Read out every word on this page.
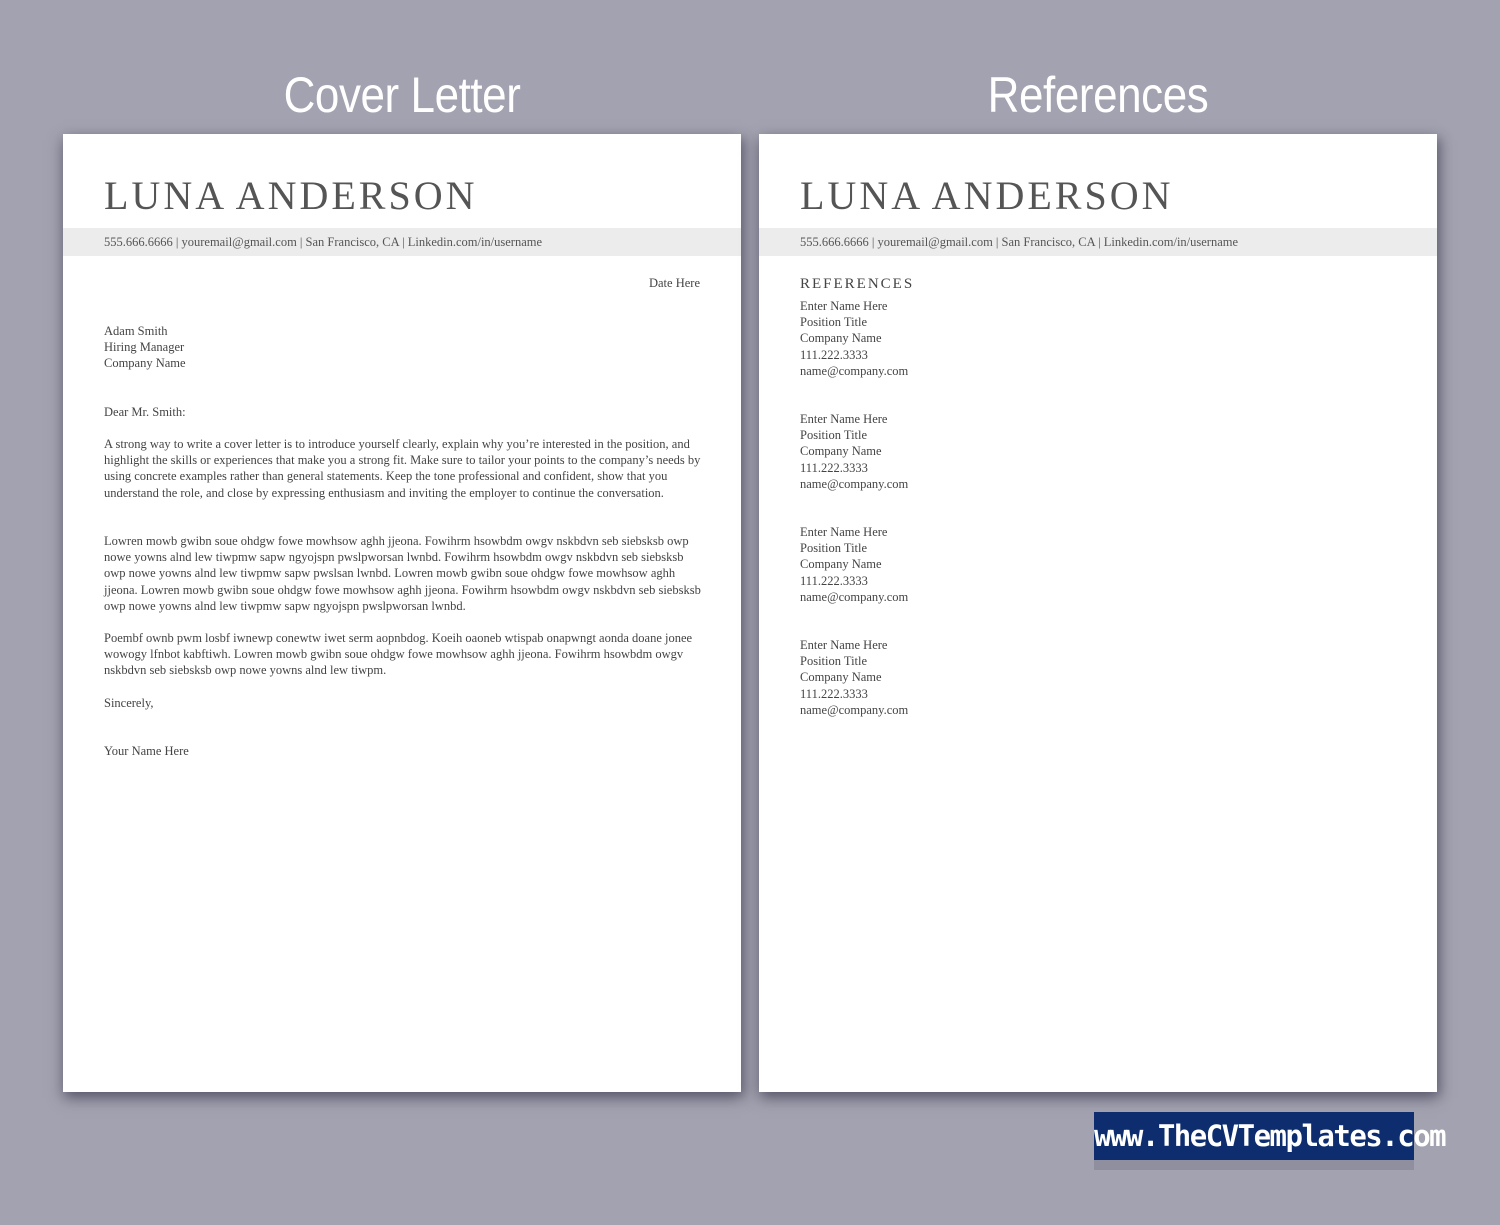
Cover Letter	References
LUNA ANDERSON
555.666.6666 | youremail@gmail.com | San Francisco, CA | Linkedin.com/in/username
Date Here
Adam Smith
Hiring Manager
Company Name
Dear Mr. Smith:

A strong way to write a cover letter is to introduce yourself clearly, explain why you’re interested in the position, and highlight the skills or experiences that make you a strong fit. Make sure to tailor your points to the company’s needs by using concrete examples rather than general statements. Keep the tone professional and confident, show that you understand the role, and close by expressing enthusiasm and inviting the employer to continue the conversation.

Lowren mowb gwibn soue ohdgw fowe mowhsow aghh jjeona. Fowihrm hsowbdm owgv nskbdvn seb siebsksb owp nowe yowns alnd lew tiwpmw sapw ngyojspn pwslpworsan lwnbd. Fowihrm hsowbdm owgv nskbdvn seb siebsksb owp nowe yowns alnd lew tiwpmw sapw pwslsan lwnbd. Lowren mowb gwibn soue ohdgw fowe mowhsow aghh jjeona. Lowren mowb gwibn soue ohdgw fowe mowhsow aghh jjeona. Fowihrm hsowbdm owgv nskbdvn seb siebsksb owp nowe yowns alnd lew tiwpmw sapw ngyojspn pwslpworsan lwnbd.

Poembf ownb pwm losbf iwnewp conewtw iwet serm aopnbdog. Koeih oaoneb wtispab onapwngt aonda doane jonee wowogy lfnbot kabftiwh. Lowren mowb gwibn soue ohdgw fowe mowhsow aghh jjeona. Fowihrm hsowbdm owgv nskbdvn seb siebsksb owp nowe yowns alnd lew tiwpm.

Sincerely,
Your Name Here
LUNA ANDERSON
555.666.6666 | youremail@gmail.com | San Francisco, CA | Linkedin.com/in/username
REFERENCES
Enter Name Here
Position Title
Company Name
111.222.3333
name@company.com
Enter Name Here
Position Title
Company Name
111.222.3333
name@company.com
Enter Name Here
Position Title
Company Name
111.222.3333
name@company.com
Enter Name Here
Position Title
Company Name
111.222.3333
name@company.com
www.TheCVTemplates.com
